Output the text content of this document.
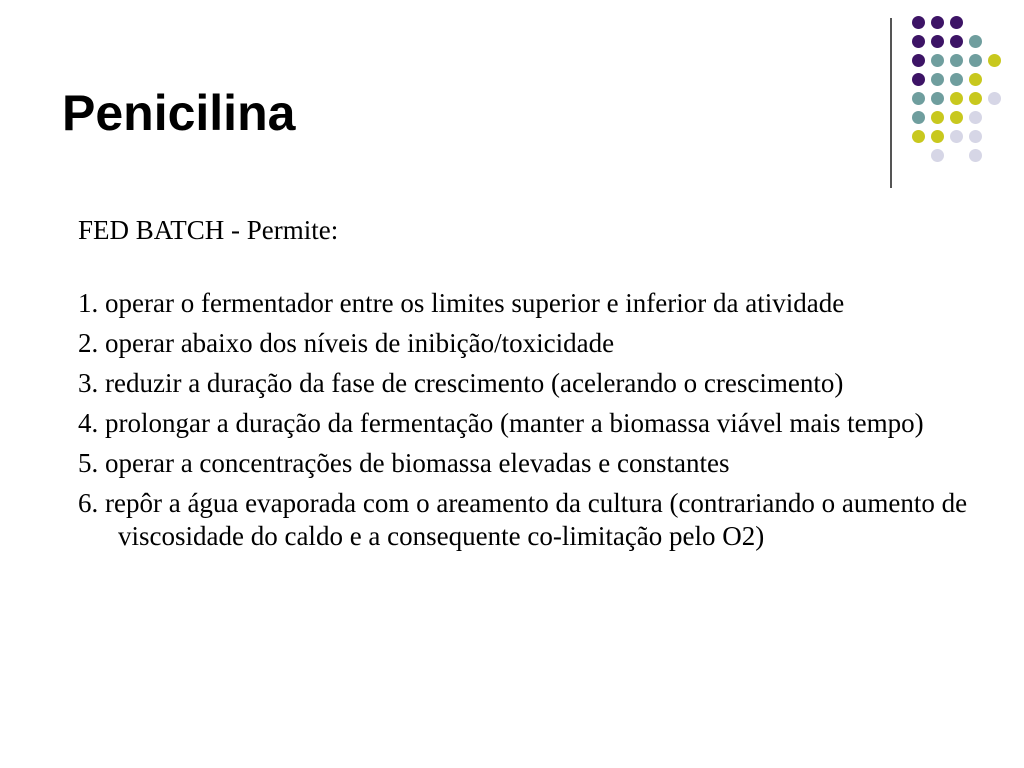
Penicilina

FED BATCH - Permite:

1. operar o fermentador entre os limites superior e inferior da atividade
2. operar abaixo dos níveis de inibição/toxicidade
3. reduzir a duração da fase de crescimento (acelerando o crescimento)
4. prolongar a duração da fermentação (manter a biomassa viável mais tempo)
5. operar a concentrações de biomassa elevadas e constantes
6. repôr a água evaporada com o areamento da cultura (contrariando o aumento de viscosidade do caldo e a consequente co-limitação pelo O2)
